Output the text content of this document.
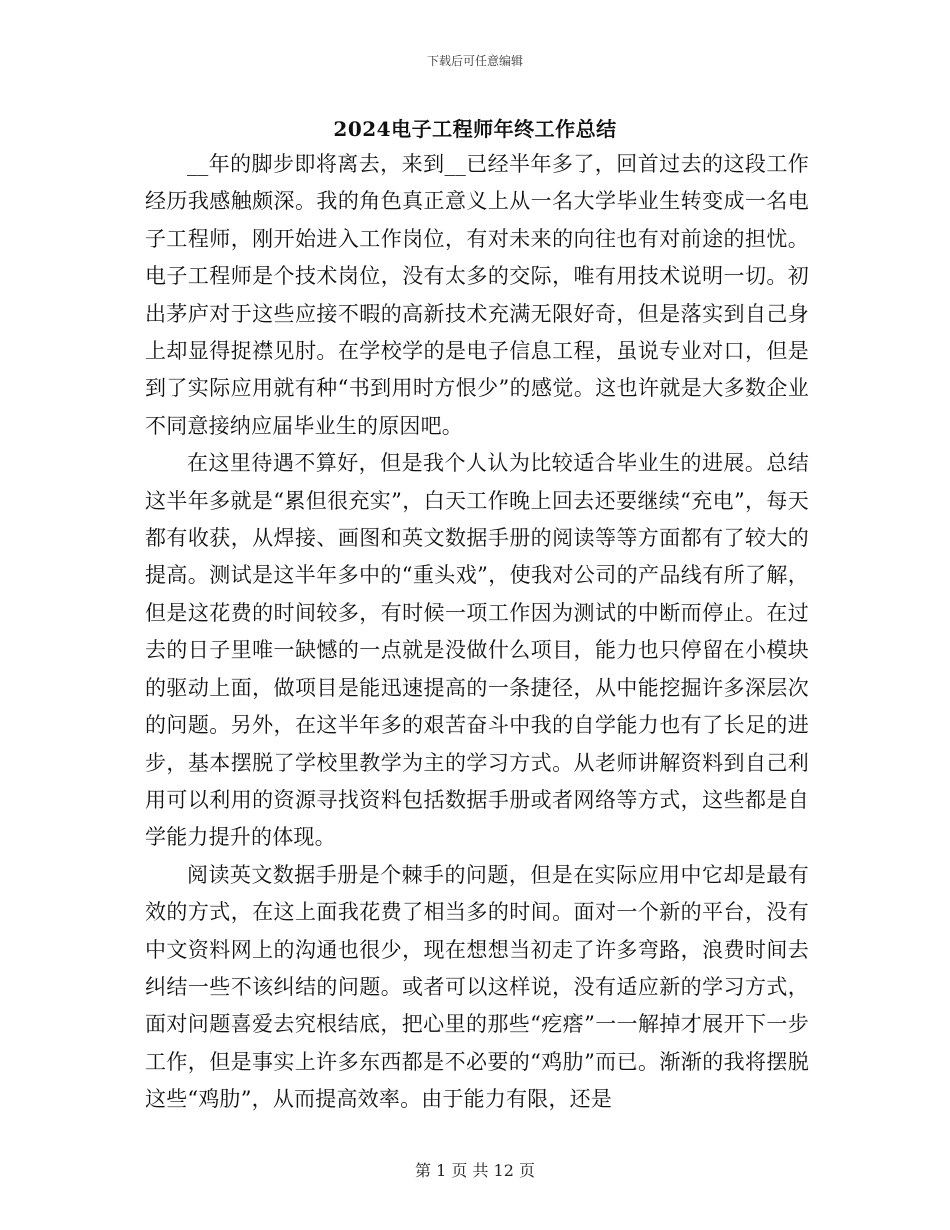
下载后可任意编辑
2024电子工程师年终工作总结

__年的脚步即将离去，来到__已经半年多了，回首过去的这段工作经历我感触颇深。我的角色真正意义上从一名大学毕业生转变成一名电子工程师，刚开始进入工作岗位，有对未来的向往也有对前途的担忧。电子工程师是个技术岗位，没有太多的交际，唯有用技术说明一切。初出茅庐对于这些应接不暇的高新技术充满无限好奇，但是落实到自己身上却显得捉襟见肘。在学校学的是电子信息工程，虽说专业对口，但是到了实际应用就有种“书到用时方恨少”的感觉。这也许就是大多数企业不同意接纳应届毕业生的原因吧。

在这里待遇不算好，但是我个人认为比较适合毕业生的进展。总结这半年多就是“累但很充实”，白天工作晚上回去还要继续“充电”，每天都有收获，从焊接、画图和英文数据手册的阅读等等方面都有了较大的提高。测试是这半年多中的“重头戏”，使我对公司的产品线有所了解，但是这花费的时间较多，有时候一项工作因为测试的中断而停止。在过去的日子里唯一缺憾的一点就是没做什么项目，能力也只停留在小模块的驱动上面，做项目是能迅速提高的一条捷径，从中能挖掘许多深层次的问题。另外，在这半年多的艰苦奋斗中我的自学能力也有了长足的进步，基本摆脱了学校里教学为主的学习方式。从老师讲解资料到自己利用可以利用的资源寻找资料包括数据手册或者网络等方式，这些都是自学能力提升的体现。

阅读英文数据手册是个棘手的问题，但是在实际应用中它却是最有效的方式，在这上面我花费了相当多的时间。面对一个新的平台，没有中文资料网上的沟通也很少，现在想想当初走了许多弯路，浪费时间去纠结一些不该纠结的问题。或者可以这样说，没有适应新的学习方式，面对问题喜爱去究根结底，把心里的那些“疙瘩”一一解掉才展开下一步工作，但是事实上许多东西都是不必要的“鸡肋”而已。渐渐的我将摆脱这些“鸡肋”，从而提高效率。由于能力有限，还是

第 1 页 共 12 页
